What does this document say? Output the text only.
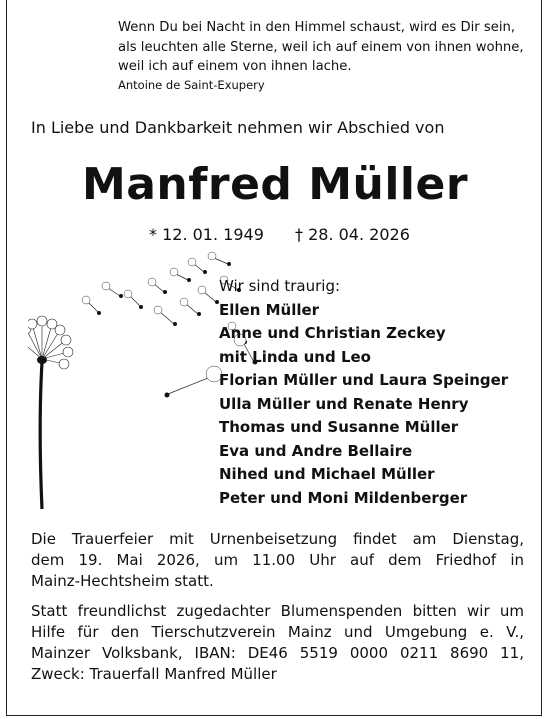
Wenn Du bei Nacht in den Himmel schaust, wird es Dir sein,
als leuchten alle Sterne, weil ich auf einem von ihnen wohne,
weil ich auf einem von ihnen lache.
Antoine de Saint-Exupery
In Liebe und Dankbarkeit nehmen wir Abschied von
Manfred Müller
* 12. 01. 1949 † 28. 04. 2026
Wir sind traurig:
Ellen Müller
Anne und Christian Zeckey
mit Linda und Leo
Florian Müller und Laura Speinger
Ulla Müller und Renate Henry
Thomas und Susanne Müller
Eva und Andre Bellaire
Nihed und Michael Müller
Peter und Moni Mildenberger
Die Trauerfeier mit Urnenbeisetzung findet am Dienstag,
dem 19. Mai 2026, um 11.00 Uhr auf dem Friedhof in
Mainz-Hechtsheim statt.
Statt freundlichst zugedachter Blumenspenden bitten wir um
Hilfe für den Tierschutzverein Mainz und Umgebung e. V.,
Mainzer Volksbank, IBAN: DE46 5519 0000 0211 8690 11,
Zweck: Trauerfall Manfred Müller
